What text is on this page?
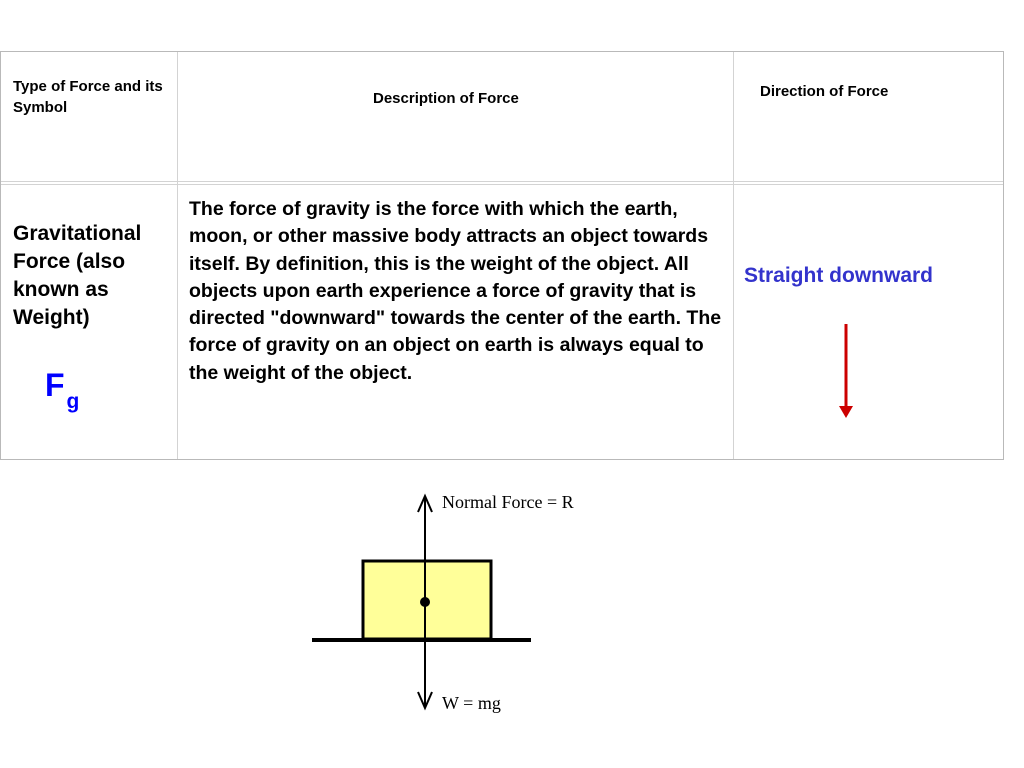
Type of Force and its Symbol
Description of Force	Direction of Force
Gravitational Force (also known as Weight)
$F_g$
The force of gravity is the force with which the earth, moon, or other massive body attracts an object towards itself. By definition, this is the weight of the object. All objects upon earth experience a force of gravity that is directed "downward" towards the center of the earth. The force of gravity on an object on earth is always equal to the weight of the object.
Straight downward
Normal Force = R
W = mg
